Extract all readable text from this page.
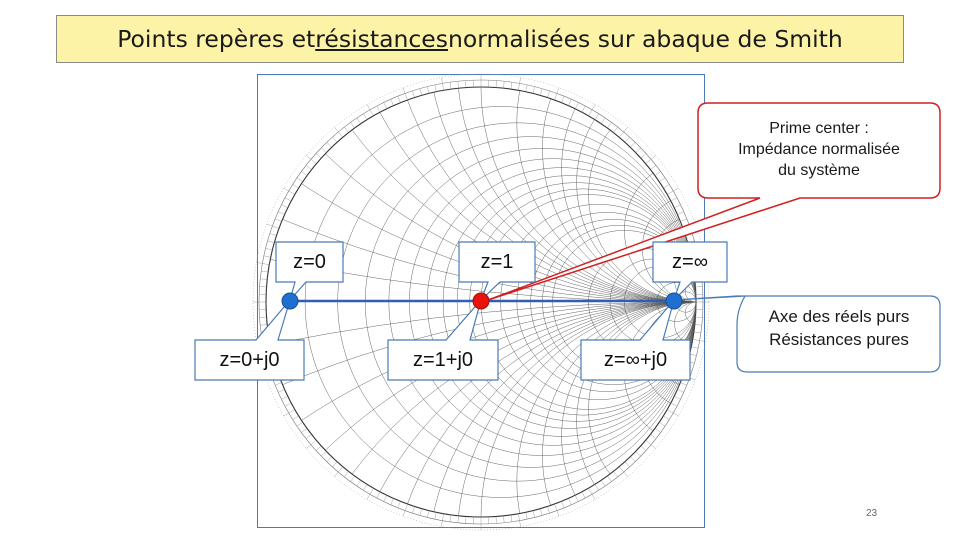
Points repères et résistances normalisées sur abaque de Smith
Prime center :
Impédance normalisée
du système
Axe des réels purs
Résistances pures
z=0	z=1	z=∞
z=0+j0	z=1+j0	z=∞+j0
23
